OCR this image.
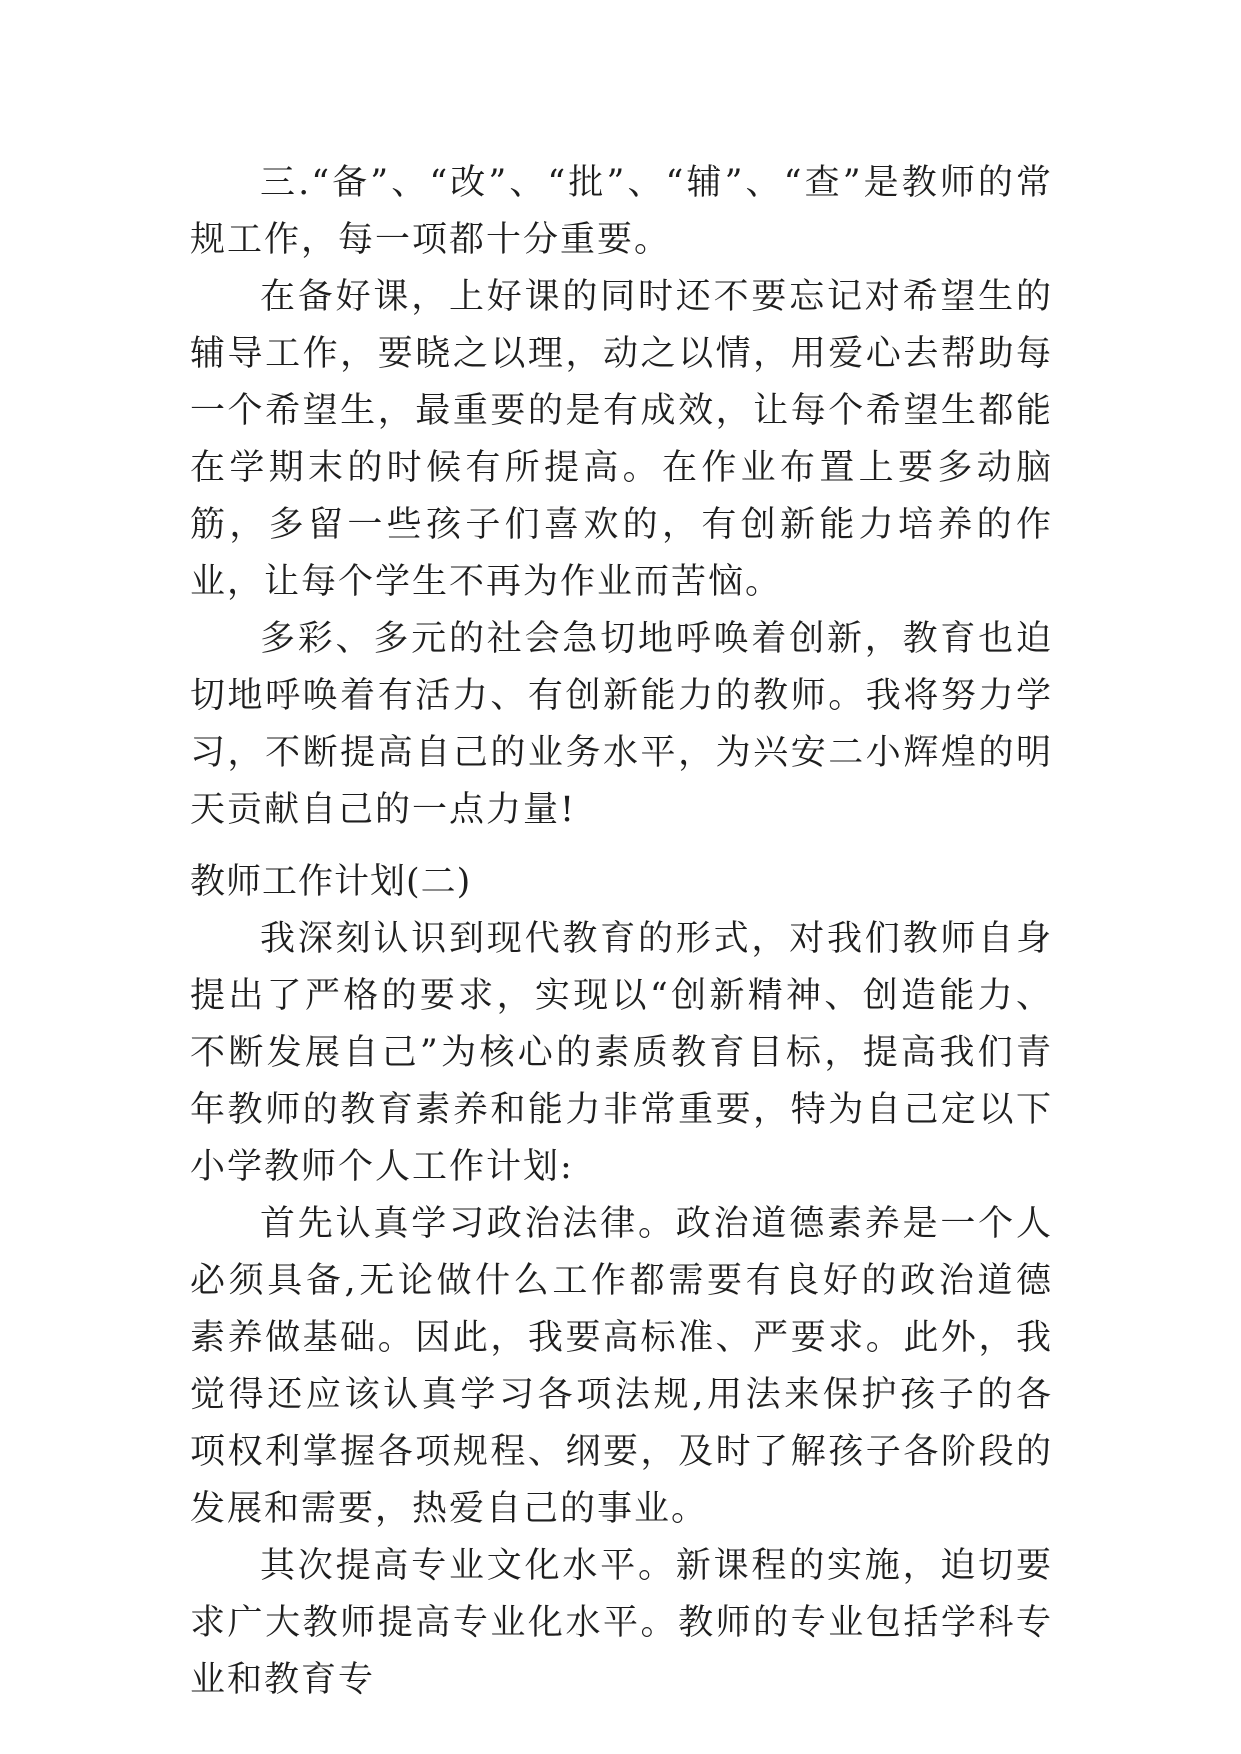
三.“备”、“改”、“批”、“辅”、“查”是教师的常规工作，每一项都十分重要。

在备好课，上好课的同时还不要忘记对希望生的辅导工作，要晓之以理，动之以情，用爱心去帮助每一个希望生，最重要的是有成效，让每个希望生都能在学期末的时候有所提高。在作业布置上要多动脑筋，多留一些孩子们喜欢的，有创新能力培养的作业，让每个学生不再为作业而苦恼。

多彩、多元的社会急切地呼唤着创新，教育也迫切地呼唤着有活力、有创新能力的教师。我将努力学习，不断提高自己的业务水平，为兴安二小辉煌的明天贡献自己的一点力量!

教师工作计划(二)

我深刻认识到现代教育的形式，对我们教师自身提出了严格的要求，实现以“创新精神、创造能力、不断发展自己”为核心的素质教育目标，提高我们青年教师的教育素养和能力非常重要，特为自己定以下小学教师个人工作计划:

首先认真学习政治法律。政治道德素养是一个人必须具备,无论做什么工作都需要有良好的政治道德素养做基础。因此，我要高标准、严要求。此外，我觉得还应该认真学习各项法规,用法来保护孩子的各项权利掌握各项规程、纲要，及时了解孩子各阶段的发展和需要，热爱自己的事业。

其次提高专业文化水平。新课程的实施，迫切要求广大教师提高专业化水平。教师的专业包括学科专业和教育专
